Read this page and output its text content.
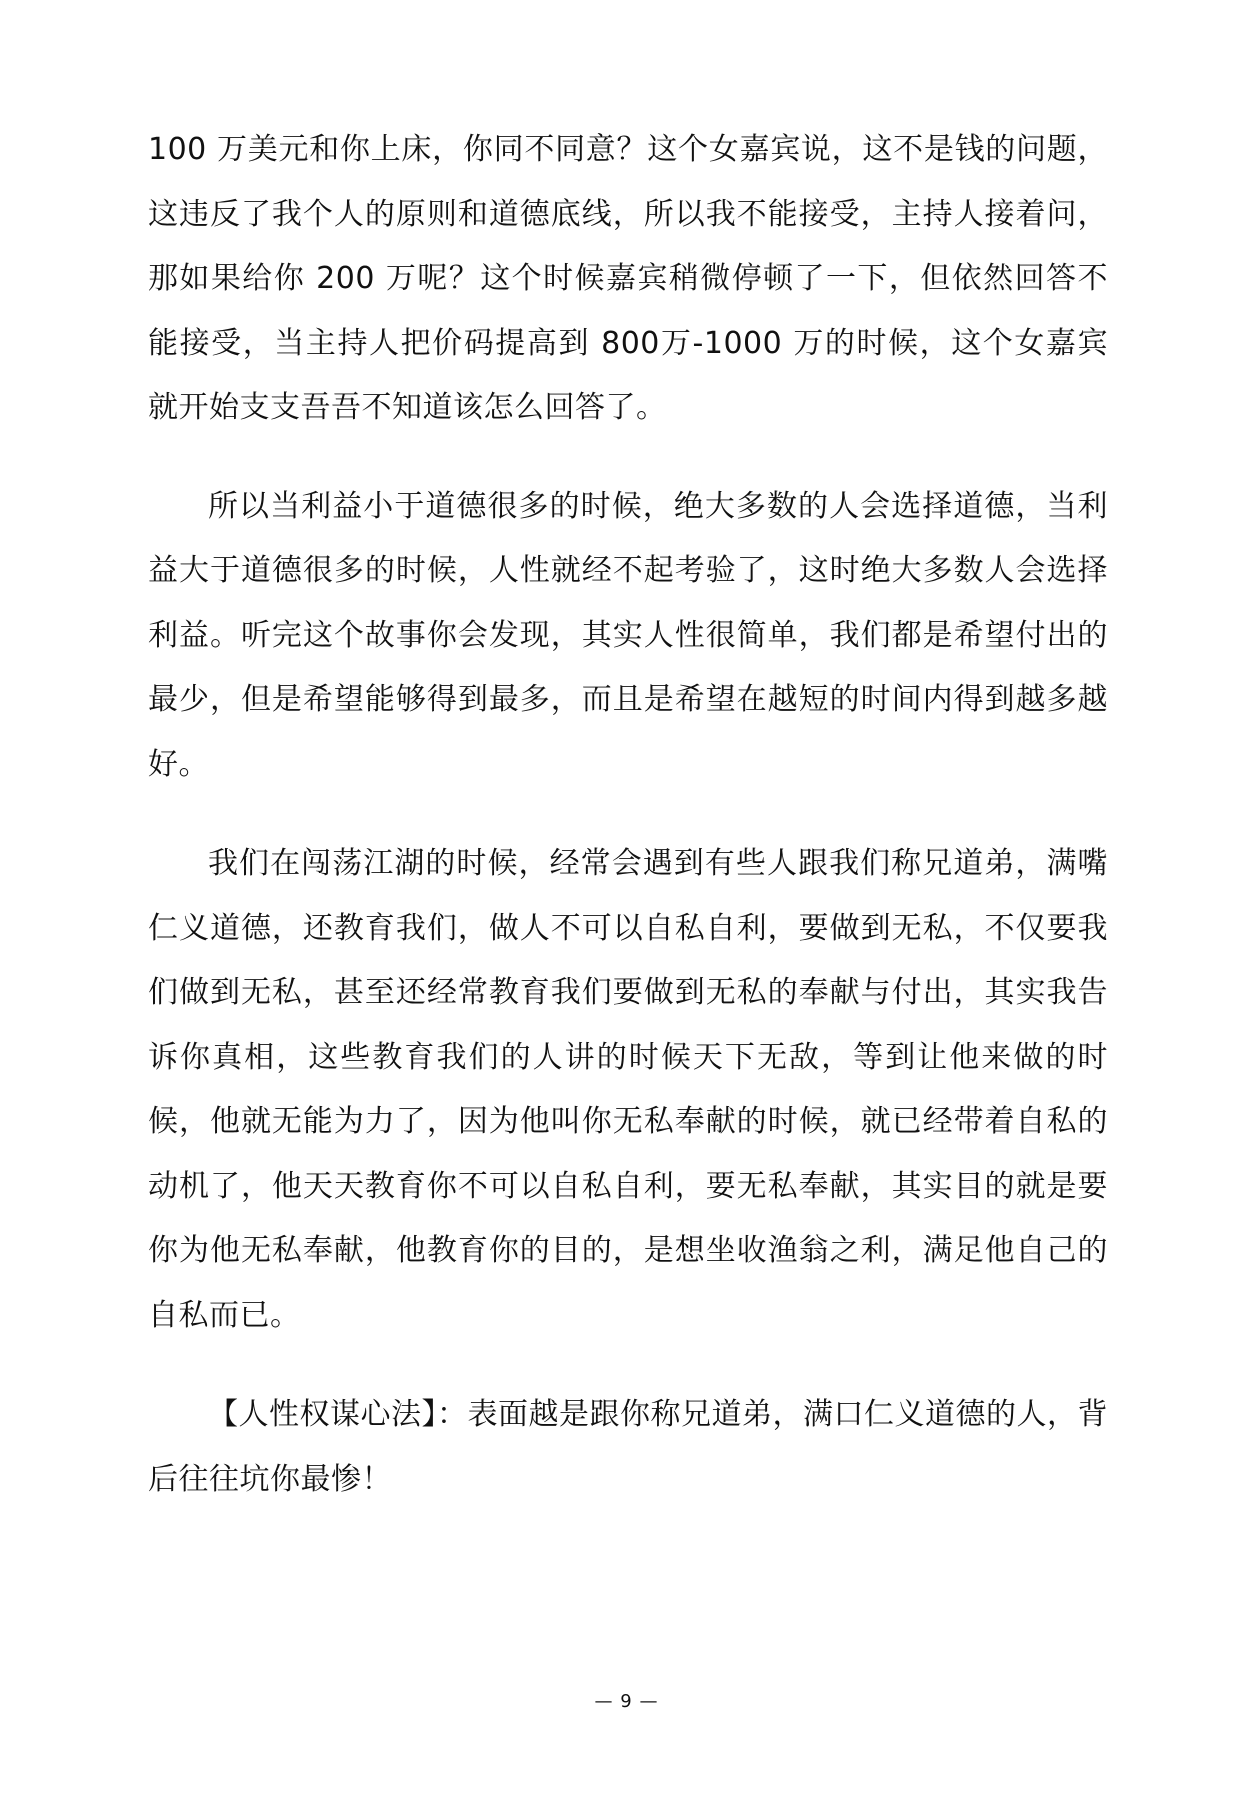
100 万美元和你上床，你同不同意？这个女嘉宾说，这不是钱的问题，这违反了我个人的原则和道德底线，所以我不能接受，主持人接着问，那如果给你 200 万呢？这个时候嘉宾稍微停顿了一下，但依然回答不能接受，当主持人把价码提高到 800万-1000 万的时候，这个女嘉宾就开始支支吾吾不知道该怎么回答了。

所以当利益小于道德很多的时候，绝大多数的人会选择道德，当利益大于道德很多的时候，人性就经不起考验了，这时绝大多数人会选择利益。听完这个故事你会发现，其实人性很简单，我们都是希望付出的最少，但是希望能够得到最多，而且是希望在越短的时间内得到越多越好。

我们在闯荡江湖的时候，经常会遇到有些人跟我们称兄道弟，满嘴仁义道德，还教育我们，做人不可以自私自利，要做到无私，不仅要我们做到无私，甚至还经常教育我们要做到无私的奉献与付出，其实我告诉你真相，这些教育我们的人讲的时候天下无敌，等到让他来做的时候，他就无能为力了，因为他叫你无私奉献的时候，就已经带着自私的动机了，他天天教育你不可以自私自利，要无私奉献，其实目的就是要你为他无私奉献，他教育你的目的，是想坐收渔翁之利，满足他自己的自私而已。

【人性权谋心法】：表面越是跟你称兄道弟，满口仁义道德的人，背后往往坑你最惨！

— 9 —
